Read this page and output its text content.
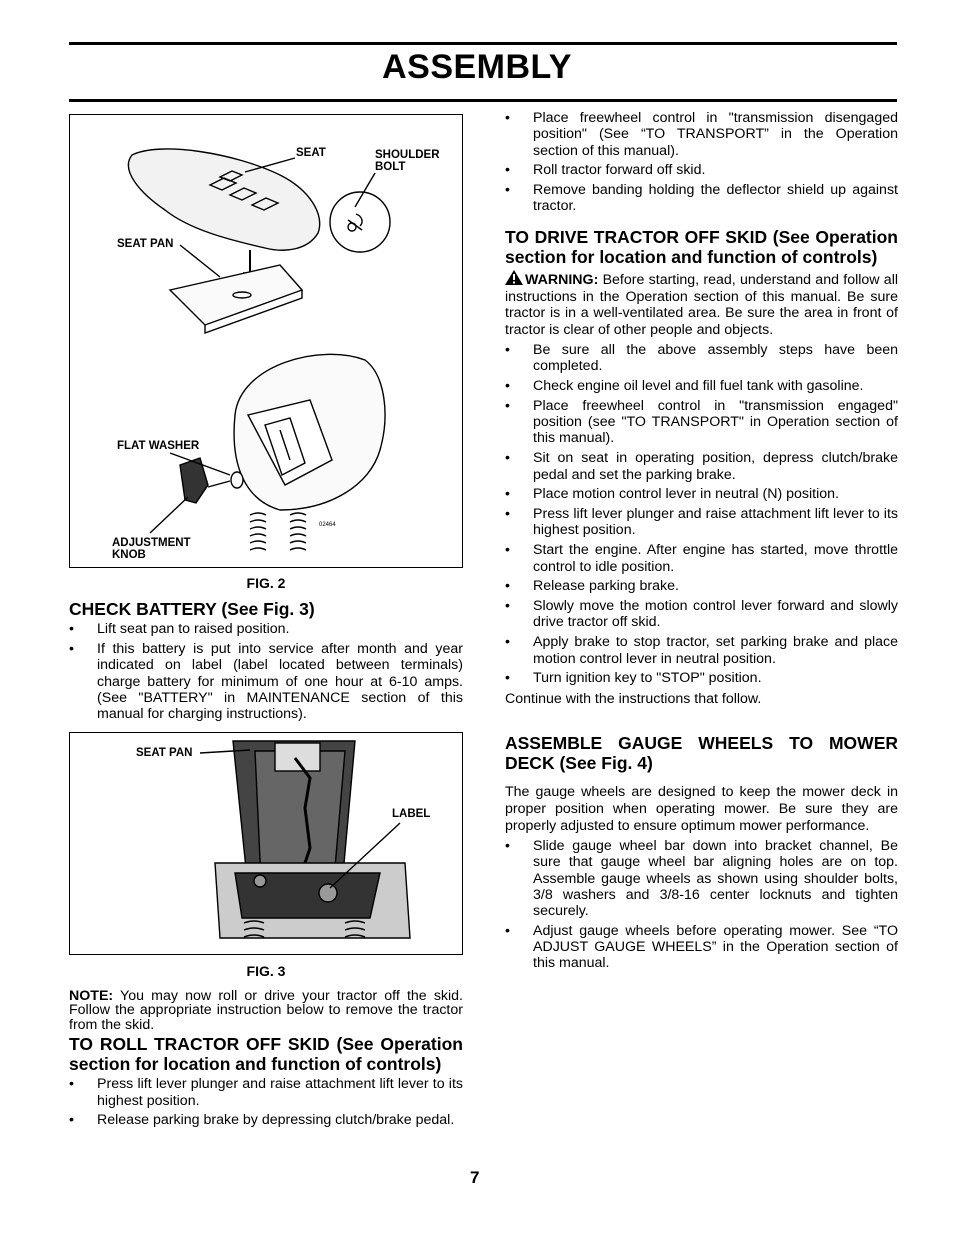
ASSEMBLY
SEAT	SHOULDER BOLT
SEAT PAN
FLAT WASHER
ADJUSTMENT KNOB
02464
FIG. 2
CHECK BATTERY (See Fig. 3)
• Lift seat pan to raised position.
• If this battery is put into service after month and year indicated on label (label located between terminals) charge battery for minimum of one hour at 6-10 amps. (See "BATTERY" in MAINTENANCE section of this manual for charging instructions).
SEAT PAN
LABEL
FIG. 3

NOTE: You may now roll or drive your tractor off the skid. Follow the appropriate instruction below to remove the tractor from the skid.

TO ROLL TRACTOR OFF SKID (See Operation section for location and function of controls)
• Press lift lever plunger and raise attachment lift lever to its highest position.
• Release parking brake by depressing clutch/brake pedal.
• Place freewheel control in "transmission disengaged position" (See “TO TRANSPORT” in the Operation section of this manual).
• Roll tractor forward off skid.
• Remove banding holding the deflector shield up against tractor.
TO DRIVE TRACTOR OFF SKID (See Operation section for location and function of controls)

WARNING: Before starting, read, understand and follow all instructions in the Operation section of this manual. Be sure tractor is in a well-ventilated area. Be sure the area in front of tractor is clear of other people and objects.

• Be sure all the above assembly steps have been completed.
• Check engine oil level and fill fuel tank with gasoline.
• Place freewheel control in "transmission engaged" position (see "TO TRANSPORT" in Operation section of this manual).
• Sit on seat in operating position, depress clutch/brake pedal and set the parking brake.
• Place motion control lever in neutral (N) position.
• Press lift lever plunger and raise attachment lift lever to its highest position.
• Start the engine. After engine has started, move throttle control to idle position.
• Release parking brake.
• Slowly move the motion control lever forward and slowly drive tractor off skid.
• Apply brake to stop tractor, set parking brake and place motion control lever in neutral position.
• Turn ignition key to "STOP" position.

Continue with the instructions that follow.

ASSEMBLE GAUGE WHEELS TO MOWER DECK (See Fig. 4)

The gauge wheels are designed to keep the mower deck in proper position when operating mower. Be sure they are properly adjusted to ensure optimum mower performance.

• Slide gauge wheel bar down into bracket channel, Be sure that gauge wheel bar aligning holes are on top. Assemble gauge wheels as shown using shoulder bolts, 3/8 washers and 3/8-16 center locknuts and tighten securely.
• Adjust gauge wheels before operating mower. See “TO ADJUST GAUGE WHEELS” in the Operation section of this manual.
7
